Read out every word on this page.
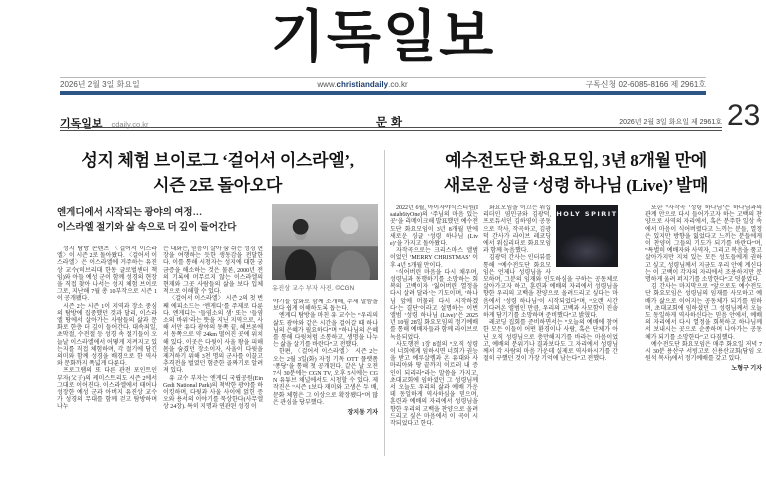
기독일보
2026년 2월 3일 화요일	www.christiandaily.co.kr	구독신청 02-6085-8166 제 2961호
기독일보 cdaily.co.kr	문화	2026년 2월 3일 화요일 제 2961호 23
성지 체험 브이로그 ‘걸어서 이스라엘’,
시즌 2로 돌아오다
엔게디에서 시작되는 광야의 여정…
이스라엘 절기와 삶 속으로 더 깊이 들어간다
유진상 교수 부자 사진. ©CGN

성지 탐방 콘텐츠 〈걸어서 이스라엘〉이 시즌 2로 돌아왔다. 〈걸어서 이스라엘〉은 이스라엘에 거주하는 유진상 교수(히브리대 한동 글로벌센터 책임)와 아들 예성 군이 함께 성경의 현장을 직접 찾아 나서는 성지 체험 브이로그로, 지난해 7월 총 10부작으로 시즌 1이 공개됐다.

시즌 2는 시즌 1이 지역과 장소 중심의 탐방에 집중했던 것과 달리, 이스라엘 땅에서 살아가는 사람들의 삶과 문화로 한층 더 깊이 들어간다. 대속죄일, 초막절, 수전절 등 성경 속 절기들이 오늘날 이스라엘에서 어떻게 지켜지고 있는지를 직접 체험하며, 각 절기에 담긴 의미와 함께 성경을 배경으로 한 역사와 문화까지 폭넓게 다룬다.

프로그램의 또 다른 관전 포인트인 부자(父子)의 케미스트리도 시즌 2에서 그대로 이어진다. 이스라엘에서 태어나 성장한 예성 군과 아버지 유진상 교수가 성경의 무대를 함께 걷고 탐방하며 나누

는 대화는, 믿음이 살아 숨 쉬는 성경 현장을 여행하는 듯한 생동감을 전달한다. 이를 통해 시청자는 성지에 대한 궁금증을 해소하는 것은 물론, 2000년 전의 기록에 머무르지 않는 이스라엘의 현재와 그곳 사람들의 삶을 보다 입체적으로 이해할 수 있다.

〈걸어서 이스라엘〉 시즌 2의 첫 번째 에피소드는 ‘엔게디’를 주제로 다룬다. 엔게디는 ‘들염소의 샘’ 또는 ‘들염소의 바위’라는 뜻을 지닌 지역으로, 사해 서안 유다 광야의 동쪽 끝, 헤브론에서 동쪽으로 약 24km 떨어진 곳에 위치해 있다. 이곳은 다윗이 사울 왕을 피해 몸을 숨겼던 장소이자, 사울이 다윗을 제거하기 위해 3천 명의 군사를 이끌고 추격전을 벌였던 험준한 골짜기로 알려져 있다.

유 교수 부자는 엔게디 국립공원(Ein Gedi National Park)의 척박한 광야를 하이킹하며, 다윗과 사울 사이에 얽힌 증오와 용서의 이야기를 묵상한다(사무엘상 24장). 특히 지명과 연관된 성경 이

야기를 삽화로 함께 소개해, 주제 말씀을 보다 쉽게 이해하도록 돕는다.

엔게디 탐방을 마친 유 교수는 “우리의 삶도 광야와 같은 시간을 걸어갈 때 하나님의 은혜가 필요하다”며 “하나님의 은혜를 통해 다윗처럼 소통하고, 생명을 나누는 삶을 살기를 바란다”고 전했다.

한편, 〈걸어서 이스라엘〉 시즌 2는 오는 2월 3일(화) 자정 기독 OTT 플랫폼 ‘퐁당’을 통해 첫 공개된다. 같은 날 오전 7시 30분에는 CGN TV, 오후 5시에는 CGN 유튜브 채널에서도 시청할 수 있다. 제작진은 “시즌 1보다 재미와 고생은 두 배, 문화 체험은 그 이상으로 확장됐다”며 많은 관심을 당부했다.

장지동 기자
예수전도단 화요모임, 3년 8개월 만에
새로운 싱글 ‘성령 하나님 (Live)’ 발매

2022년 6월, 아이자야식스티원(Isaiah6tyOne)의 ‘주님의 마음 있는 곳’을 리메이크해 발표했던 예수전도단 화요모임이 3년 8개월 만에 새로운 싱글 ‘성령 하나님 (Live)’을 가지고 돌아왔다.

자작곡으로는 크리스마스 앨범이었던 ‘MERRY CHRISTMAS’ 이후 4년 5개월 만이다.

‘식어버린 마음을 다시 채우며, 성령님과 동행하기를 소망하는 회복의 고백이자 ‘잃어버린 열정을 다시 살려 달라’는 기도이며, ‘하나님 앞에 머물러 다시 시작하겠다’는 결단’이라고 설명하는 이번 앨범 ‘성령 하나님 (Live)’은 2025년 10월 28일 화요모임의 정기예배를 통해 예배자들과 함께 라이브로 녹음되었다.

사도행전 1장 8절의 “오직 성령이 너희에게 임하시면 너희가 권능을 받고 예루살렘과 온 유대와 사마리아와 땅 끝까지 이르러 내 증인이 되리라”라는 말씀을 가지고, 초대교회에 임하셨던 그 성령님께서 오늘도 우리의 삶과 예배 가운데 동일하게 역사하심을 믿으며, 훈련과 예배의 자리에서 성령님을 향한 우리의 고백을 찬양으로 올려드리고 싶은 마음에서 이 곡이 시작되었다고 한다.

HOLY SPIRIT

화요모임을 이끄는 워십리더인 염민규와 김광덕, 프로듀서인 김하영이 공동으로 작사, 작곡하고, 김광덕 간사가 라이브 레코딩에서 워십리더로 화요모임과 함께 녹음했다.

김광덕 간사는 인터뷰를 통해 “예수전도단 화요모임은 언제나 성령님을 사모하며, 그분의 임재와 인도하심을 구하는 공동체로 살아가고자 하고, 훈련과 예배의 자리에서 성령님을 향한 우리의 고백을 찬양으로 올려드리고 싶다는 마음에서 ‘성령 하나님’이 시작되었다”며, “오랜 시간 기다려온 앨범인 만큼, 우리의 고백과 사모함이 진솔하게 담기기를 소망하며 준비했다”고 밝혔다.

레코딩 집회를 준비하면서는 “오늘의 예배에 참여한 모든 이들이 어떤 환경이나 사람, 혹은 단체가 아닌 오직 성령님으로 충만해지기를 바라는 마음이었고, 예배의 분위기나 결과보다도 그 자리에서 성령님께서 각 사람의 마음 가운데 실제로 역사하시기를 간절히 구했던 것이 가장 기억에 남는다”고 전했다.

또한 “자작곡 ‘성령 하나님’은 하나님과의 관계 안으로 다시 들어가고자 하는 고백의 찬양으로 사역의 자리에서, 혹은 분주한 일상 속에서 마음이 식어버렸다고 느끼는 분들, 열정은 있지만 방향을 잃었다고 느끼는 분들에게 이 찬양이 그들의 기도가 되기를 바란다”며, “특별히 예배자와 사역자, 그리고 복음을 품고 살아가지만 지쳐 있는 모든 성도들에게 권하고 싶고, 성령님께서 지금도 우리 안에 계신다는 이 고백이 각자의 자리에서 조용하지만 분명하게 울려 퍼지기를 소망한다”고 덧붙였다.

김 간사는 마지막으로 “앞으로도 예수전도단 화요모임은 성령님의 임재를 사모하고 예배가 삶으로 이어지는 공동체가 되기를 원하며, 초대교회에 임하셨던 그 성령님께서 오늘도 동일하게 역사하신다는 믿음 안에서, 예배의 자리에서 다시 열정을 회복하고 하나님께서 보내시는 곳으로 순종하며 나아가는 공동체가 되기를 소망한다”고 다짐했다.

예수전도단 화요모임은 매주 화요일 저녁 7시 30분 용산구 서빙고로 신용산교회(담임 오원석 목사)에서 정기예배를 갖고 있다.

노형구 기자
